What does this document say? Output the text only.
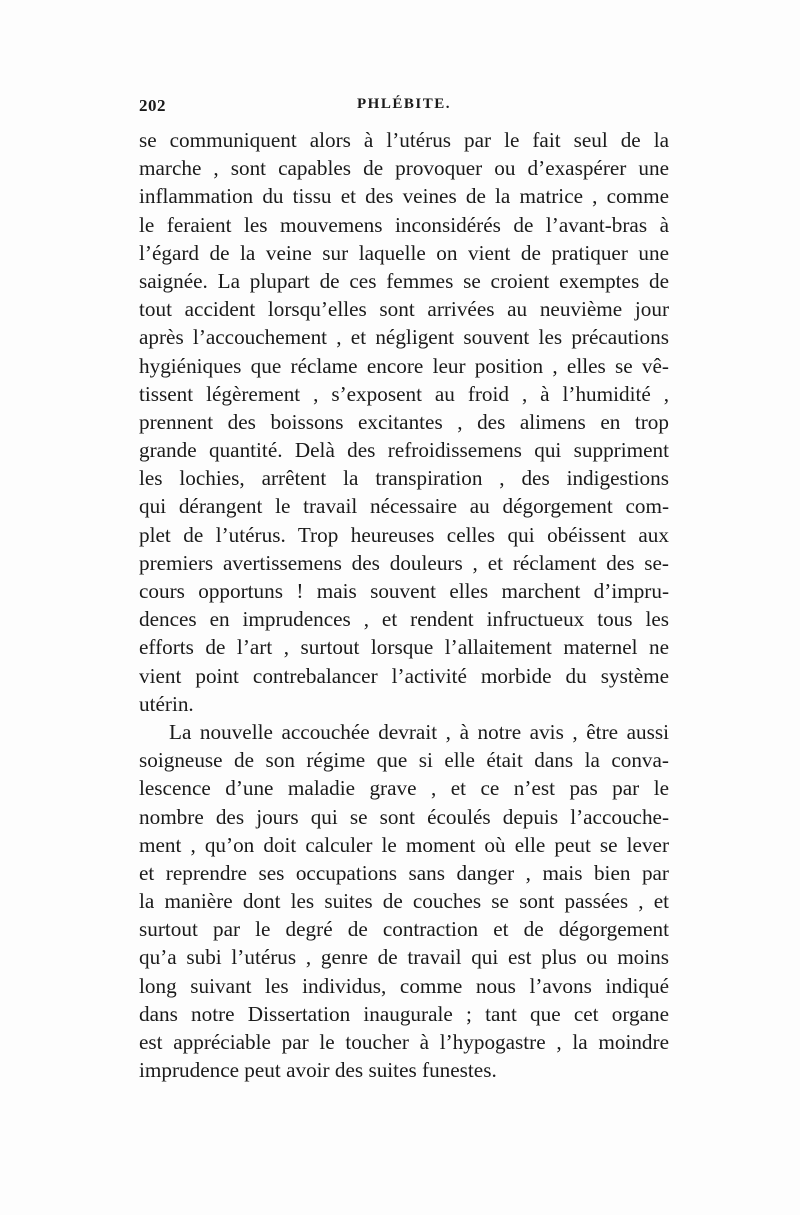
202	PHLÉBITE.
se communiquent alors à l’utérus par le fait seul de la
marche , sont capables de provoquer ou d’exaspérer une
inflammation du tissu et des veines de la matrice , comme
le feraient les mouvemens inconsidérés de l’avant-bras à
l’égard de la veine sur laquelle on vient de pratiquer une
saignée. La plupart de ces femmes se croient exemptes de
tout accident lorsqu’elles sont arrivées au neuvième jour
après l’accouchement , et négligent souvent les précautions
hygiéniques que réclame encore leur position , elles se vê-
tissent légèrement , s’exposent au froid , à l’humidité ,
prennent des boissons excitantes , des alimens en trop
grande quantité. Delà des refroidissemens qui suppriment
les lochies, arrêtent la transpiration , des indigestions
qui dérangent le travail nécessaire au dégorgement com-
plet de l’utérus. Trop heureuses celles qui obéissent aux
premiers avertissemens des douleurs , et réclament des se-
cours opportuns ! mais souvent elles marchent d’impru-
dences en imprudences , et rendent infructueux tous les
efforts de l’art , surtout lorsque l’allaitement maternel ne
vient point contrebalancer l’activité morbide du système
utérin.
La nouvelle accouchée devrait , à notre avis , être aussi
soigneuse de son régime que si elle était dans la conva-
lescence d’une maladie grave , et ce n’est pas par le
nombre des jours qui se sont écoulés depuis l’accouche-
ment , qu’on doit calculer le moment où elle peut se lever
et reprendre ses occupations sans danger , mais bien par
la manière dont les suites de couches se sont passées , et
surtout par le degré de contraction et de dégorgement
qu’a subi l’utérus , genre de travail qui est plus ou moins
long suivant les individus, comme nous l’avons indiqué
dans notre Dissertation inaugurale ; tant que cet organe
est appréciable par le toucher à l’hypogastre , la moindre
imprudence peut avoir des suites funestes.
